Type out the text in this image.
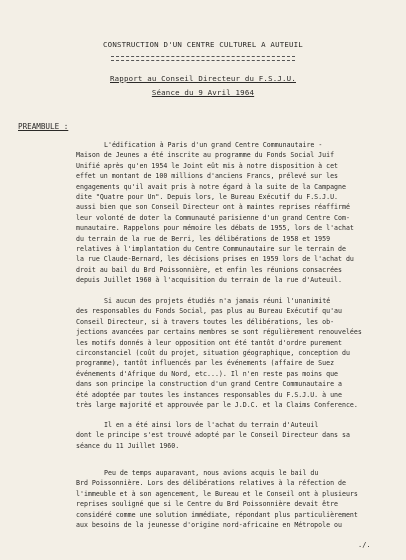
CONSTRUCTION D'UN CENTRE CULTUREL A AUTEUIL
Rapport au Conseil Directeur du F.S.J.U.
Séance du 9 Avril 1964
PREAMBULE :
L'édification à Paris d'un grand Centre Communautaire -
Maison de Jeunes a été inscrite au programme du Fonds Social Juif
Unifié après qu'en 1954 le Joint eût mis à notre disposition à cet
effet un montant de 100 millions d'anciens Francs, prélevé sur les
engagements qu'il avait pris à notre égard à la suite de la Campagne
dite "Quatre pour Un". Depuis lors, le Bureau Exécutif du F.S.J.U.
aussi bien que son Conseil Directeur ont à maintes reprises réaffirmé
leur volonté de doter la Communauté parisienne d'un grand Centre Com-
munautaire. Rappelons pour mémoire les débats de 1955, lors de l'achat
du terrain de la rue de Berri, les délibérations de 1958 et 1959
relatives à l'implantation du Centre Communautaire sur le terrain de
la rue Claude-Bernard, les décisions prises en 1959 lors de l'achat du
droit au bail du Brd Poissonnière, et enfin les réunions consacrées
depuis Juillet 1960 à l'acquisition du terrain de la rue d'Auteuil.
Si aucun des projets étudiés n'a jamais réuni l'unanimité
des responsables du Fonds Social, pas plus au Bureau Exécutif qu'au
Conseil Directeur, si à travers toutes les délibérations, les ob-
jections avancées par certains membres se sont régulièrement renouvelées
les motifs donnés à leur opposition ont été tantôt d'ordre purement
circonstanciel (coût du projet, situation géographique, conception du
programme), tantôt influencés par les événements (affaire de Suez
événements d'Afrique du Nord, etc...). Il n'en reste pas moins que
dans son principe la construction d'un grand Centre Communautaire a
été adoptée par toutes les instances responsables du F.S.J.U. à une
très large majorité et approuvée par le J.D.C. et la Claims Conference.
Il en a été ainsi lors de l'achat du terrain d'Auteuil
dont le principe s'est trouvé adopté par le Conseil Directeur dans sa
séance du 11 Juillet 1960.
Peu de temps auparavant, nous avions acquis le bail du
Brd Poissonnière. Lors des délibérations relatives à la réfection de
l'immeuble et à son agencement, le Bureau et le Conseil ont à plusieurs
reprises souligné que si le Centre du Brd Poissonnière devait être
considéré comme une solution immédiate, répondant plus particulièrement
aux besoins de la jeunesse d'origine nord-africaine en Métropole ou
./.
